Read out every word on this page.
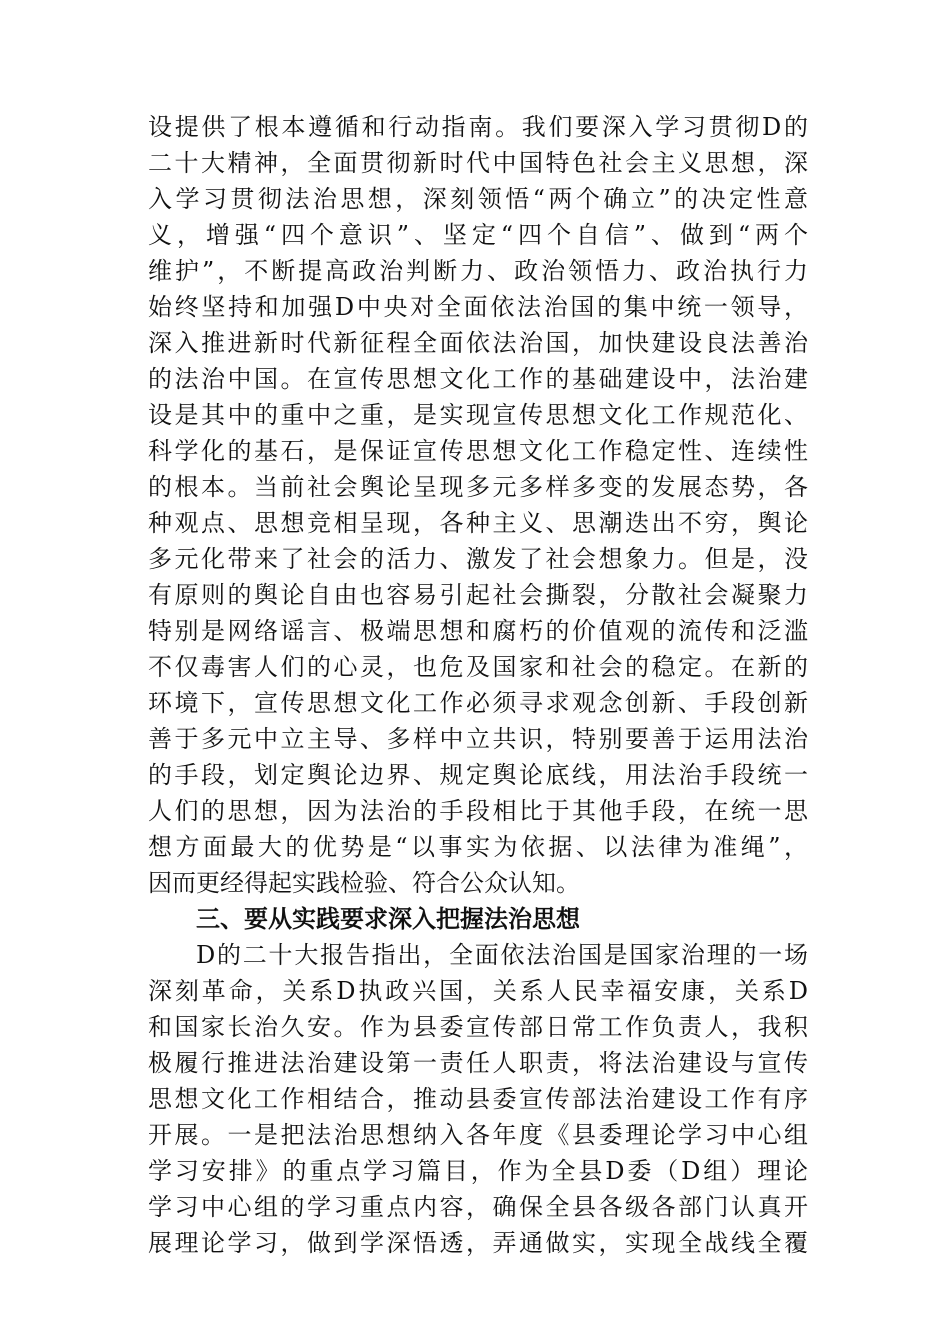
设提供了根本遵循和行动指南。我们要深入学习贯彻D的
二十大精神，全面贯彻新时代中国特色社会主义思想，深
入学习贯彻法治思想，深刻领悟“两个确立”的决定性意
义，增强“四个意识”、坚定“四个自信”、做到“两个
维护”，不断提高政治判断力、政治领悟力、政治执行力
始终坚持和加强D中央对全面依法治国的集中统一领导，
深入推进新时代新征程全面依法治国，加快建设良法善治
的法治中国。在宣传思想文化工作的基础建设中，法治建
设是其中的重中之重，是实现宣传思想文化工作规范化、
科学化的基石，是保证宣传思想文化工作稳定性、连续性
的根本。当前社会舆论呈现多元多样多变的发展态势，各
种观点、思想竞相呈现，各种主义、思潮迭出不穷，舆论
多元化带来了社会的活力、激发了社会想象力。但是，没
有原则的舆论自由也容易引起社会撕裂，分散社会凝聚力
特别是网络谣言、极端思想和腐朽的价值观的流传和泛滥
不仅毒害人们的心灵，也危及国家和社会的稳定。在新的
环境下，宣传思想文化工作必须寻求观念创新、手段创新
善于多元中立主导、多样中立共识，特别要善于运用法治
的手段，划定舆论边界、规定舆论底线，用法治手段统一
人们的思想，因为法治的手段相比于其他手段，在统一思
想方面最大的优势是“以事实为依据、以法律为准绳”，
因而更经得起实践检验、符合公众认知。
三、要从实践要求深入把握法治思想
D的二十大报告指出，全面依法治国是国家治理的一场
深刻革命，关系D执政兴国，关系人民幸福安康，关系D
和国家长治久安。作为县委宣传部日常工作负责人，我积
极履行推进法治建设第一责任人职责，将法治建设与宣传
思想文化工作相结合，推动县委宣传部法治建设工作有序
开展。一是把法治思想纳入各年度《县委理论学习中心组
学习安排》的重点学习篇目，作为全县D委（D组）理论
学习中心组的学习重点内容，确保全县各级各部门认真开
展理论学习，做到学深悟透，弄通做实，实现全战线全覆
